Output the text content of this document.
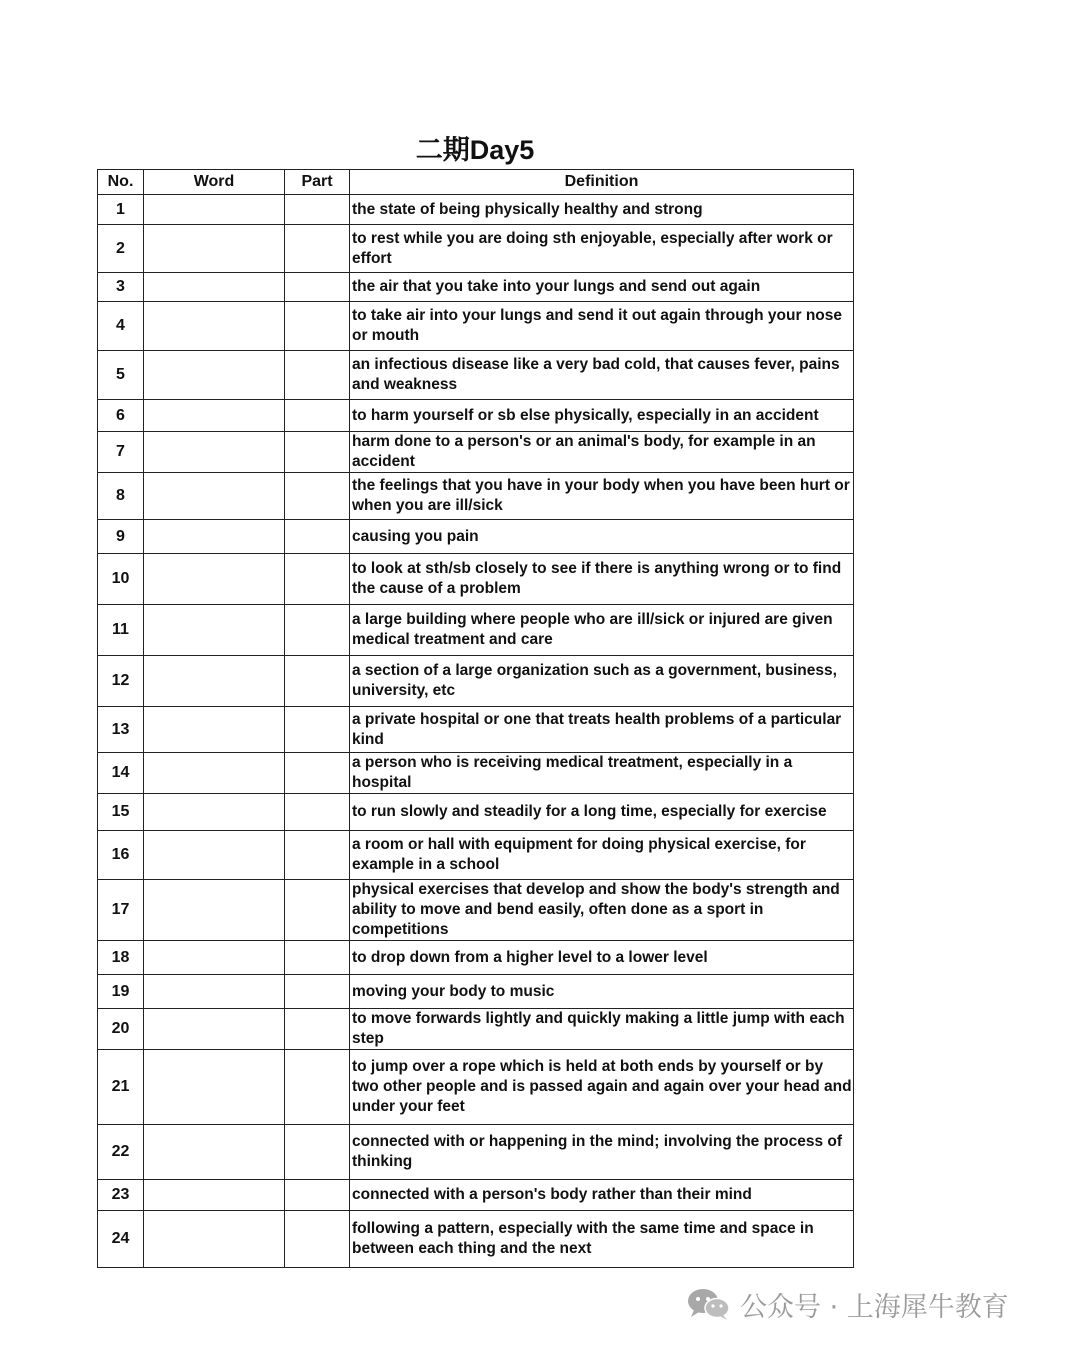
二期Day5
No.	Word	Part	Definition
1			the state of being physically healthy and strong
2			to rest while you are doing sth enjoyable, especially after work or effort
3			the air that you take into your lungs and send out again
4			to take air into your lungs and send it out again through your nose or mouth
5			an infectious disease like a very bad cold, that causes fever, pains and weakness
6			to harm yourself or sb else physically, especially in an accident
7			harm done to a person's or an animal's body, for example in an accident
8			the feelings that you have in your body when you have been hurt or when you are ill/sick
9			causing you pain
10			to look at sth/sb closely to see if there is anything wrong or to find the cause of a problem
11			a large building where people who are ill/sick or injured are given medical treatment and care
12			a section of a large organization such as a government, business, university, etc
13			a private hospital or one that treats health problems of a particular kind
14			a person who is receiving medical treatment, especially in a hospital
15			to run slowly and steadily for a long time, especially for exercise
16			a room or hall with equipment for doing physical exercise, for example in a school
17			physical exercises that develop and show the body's strength and ability to move and bend easily, often done as a sport in competitions
18			to drop down from a higher level to a lower level
19			moving your body to music
20			to move forwards lightly and quickly making a little jump with each step
21			to jump over a rope which is held at both ends by yourself or by two other people and is passed again and again over your head and under your feet
22			connected with or happening in the mind; involving the process of thinking
23			connected with a person's body rather than their mind
24			following a pattern, especially with the same time and space in between each thing and the next
公众号 · 上海犀牛教育
